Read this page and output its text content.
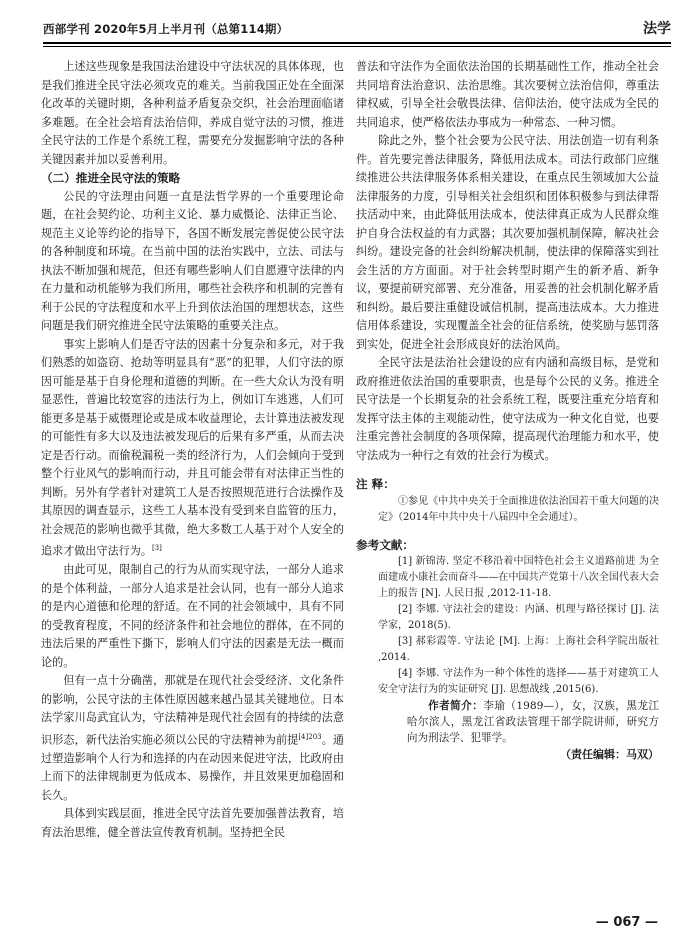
西部学刊 2020年5月上半月刊（总第114期）	法学

上述这些现象是我国法治建设中守法状况的具体体现，也是我们推进全民守法必须攻克的难关。当前我国正处在全面深化改革的关键时期，各种利益矛盾复杂交织，社会治理面临诸多难题。在全社会培育法治信仰，养成自觉守法的习惯，推进全民守法的工作是个系统工程，需要充分发掘影响守法的各种关键因素并加以妥善利用。

（二）推进全民守法的策略

公民的守法理由问题一直是法哲学界的一个重要理论命题，在社会契约论、功利主义论、暴力威慑论、法律正当论、规范主义论等约论的指导下，各国不断发展完善促使公民守法的各种制度和环境。在当前中国的法治实践中，立法、司法与执法不断加强和规范，但还有哪些影响人们自愿遵守法律的内在力量和动机能够为我们所用，哪些社会秩序和机制的完善有利于公民的守法程度和水平上升到依法治国的理想状态，这些问题是我们研究推进全民守法策略的重要关注点。

事实上影响人们是否守法的因素十分复杂和多元，对于我们熟悉的如盗窃、抢劫等明显具有“恶”的犯罪，人们守法的原因可能是基于自身伦理和道德的判断。在一些大众认为没有明显恶性，普遍比较宽容的违法行为上，例如订车逃逃，人们可能更多是基于威慑理论或是成本收益理论，去计算违法被发现的可能性有多大以及违法被发现后的后果有多严重，从而去决定是否行动。而偷税漏税一类的经济行为，人们会倾向于受到整个行业风气的影响而行动，并且可能会带有对法律正当性的判断。另外有学者针对建筑工人是否按照规范进行合法操作及其原因的调查显示，这些工人基本没有受到来自监管的压力，社会规范的影响也微乎其微，绝大多数工人基于对个人安全的追求才做出守法行为。[3]

由此可见，限制自己的行为从而实现守法，一部分人追求的是个体利益，一部分人追求是社会认同，也有一部分人追求的是内心道德和伦理的舒适。在不同的社会领域中，具有不同的受教育程度，不同的经济条件和社会地位的群体，在不同的违法后果的严重性下撕下，影响人们守法的因素是无法一概而论的。

但有一点十分确凿，那就是在现代社会受经济、文化条件的影响，公民守法的主体性原因越来越凸显其关键地位。日本法学家川岛武宜认为，守法精神是现代社会固有的持续的法意识形态，新代法治实施必须以公民的守法精神为前提$^{[4]203}$。通过塑造影响个人行为和选择的内在动因来促进守法，比政府由上而下的法律规制更为低成本、易操作，并且效果更加稳固和长久。

具体到实践层面，推进全民守法首先要加强普法教育，培育法治思维，健全普法宣传教育机制。坚持把全民

普法和守法作为全面依法治国的长期基础性工作，推动全社会共同培育法治意识、法治思维。其次要树立法治信仰，尊重法律权威，引导全社会敬畏法律、信仰法治，使守法成为全民的共同追求，使严格依法办事成为一种常态、一种习惯。

除此之外，整个社会要为公民守法、用法创造一切有利条件。首先要完善法律服务，降低用法成本。司法行政部门应继续推进公共法律服务体系相关建设，在重点民生领域加大公益法律服务的力度，引导相关社会组织和团体积极参与到法律帮扶活动中来，由此降低用法成本，使法律真正成为人民群众维护自身合法权益的有力武器；其次要加强机制保障，解决社会纠纷。建设完备的社会纠纷解决机制，使法律的保障落实到社会生活的方方面面。对于社会转型时期产生的新矛盾、新争议，要提前研究部署、充分准备，用妥善的社会机制化解矛盾和纠纷。最后要注重健设诚信机制，提高违法成本。大力推进信用体系建设，实现覆盖全社会的征信系统，使奖励与惩罚落到实处，促进全社会形成良好的法治风尚。

全民守法是法治社会建设的应有内涵和高级目标，是党和政府推进依法治国的重要职责，也是每个公民的义务。推进全民守法是一个长期复杂的社会系统工程，既要注重充分培育和发挥守法主体的主观能动性，使守法成为一种文化自觉，也要注重完善社会制度的各项保障，提高现代治理能力和水平，使守法成为一种行之有效的社会行为模式。

注 释：

①参见《中共中央关于全面推进依法治国若干重大问题的决定》（2014年中共中央十八届四中全会通过）。

参考文献：

[1] 新锦涛. 坚定不移沿着中国特色社会主义道路前进 为全面建成小康社会而奋斗——在中国共产党第十八次全国代表大会上的报告 [N]. 人民日报 ,2012-11-18.

[2] 李娜. 守法社会的建设：内涵、机理与路径探讨 [J]. 法学家，2018(5).

[3] 郝彩霞等. 守法论 [M]. 上海：上海社会科学院出版社 ,2014.

[4] 李娜. 守法作为一种个体性的选择——基于对建筑工人安全守法行为的实证研究 [J]. 思想战线 ,2015(6).

作者简介：李瑜（1989—），女，汉族，黑龙江哈尔滨人，黑龙江省政法管理干部学院讲师，研究方向为刑法学、犯罪学。

（责任编辑：马双）

— 067 —
